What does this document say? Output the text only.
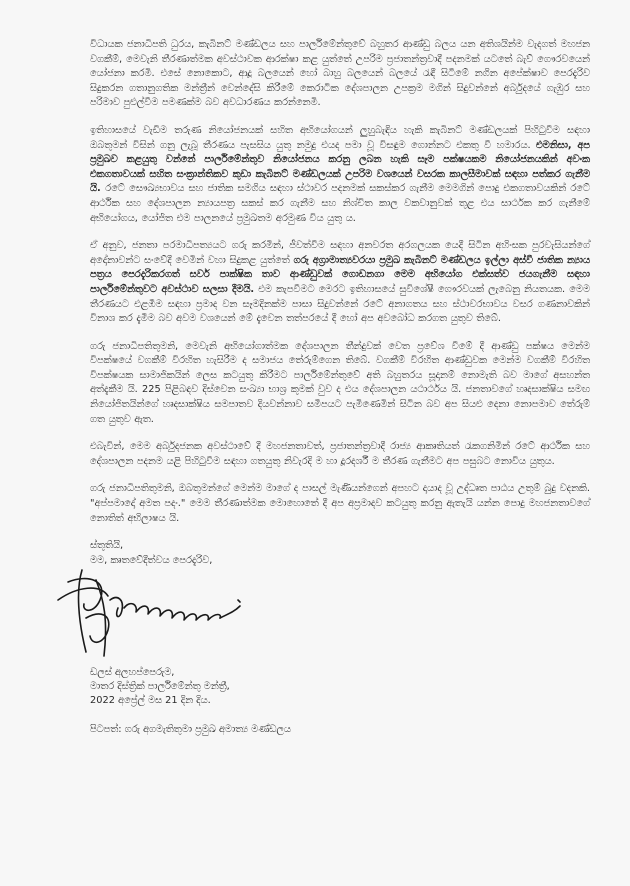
විධායක ජනාධිපති ධුරය, කැබිනට් මණ්ඩලය සහ පාර්ලිමේන්තුවේ බහුතර ආණ්ඩු බලය යන අතිශයින්ම වැදගත් මහජන වගකීම්, මෙවැනි තීරණාත්මක අවස්ථාවක ආරක්ෂා කළ යුත්තේ උපරිම ප්‍රජාතන්ත්‍රවාදී පදනමක් යටතේ බැව් ගෞරවයෙන් යෝජනා කරමි. එසේ නොකොට, ආදූ බලයෙන් හෝ බාහු බලයෙන් බලයේ රැඳී සිටීමේ නගින අපේක්ෂාව පෙරදැරිව සිදුකරන ගතානුගතික මන්ත්‍රීන් වෙන්දේසි කිරීමේ කෙරාටික දේශපාලන උපක්‍රම මගින් සිදුවන්නේ අර්බුදයේ ගැඹුර සහ පරිමාව පුළුල්වීම පමණක්ම බව අවධාරණය කරන්නෙමි.

ඉතිහාසයේ වැඩිම තරුණ නියෝජනයක් සහිත අභියෝගයන් ලුහුබැඳිය හැකි කැබිනට් මණ්ඩලයක් පිහිටුවීම සඳහා ඔබතුමන් විසින් ගනු ලැබූ තීරණය පැසසිය යුතු නමුදු එයද පමා වූ විසඳුම ගොන්නට එකතු වී හමාරය. එමනිසා, අප ප්‍රමුඛව කළයුතු වන්නේ පාර්ලිමේන්තුව නියෝජනය කරනු ලබන හැකි සෑම පක්ෂයකම නියෝජනයකින් අවංක එකගතාවයක් සහිත සංක්‍රාන්තිකව කුඩා කැබිනට් මණ්ඩලයක් උපරිම වශයෙන් වසරක කාලසීමාවක් සඳහා පත්කර ගැනීම යි. රටේ සෞඛ්‍යභාවය සහ ජාතික සමගිය සඳහා ස්ථාවර පදනමක් සකස්කර ගැනීම මෙමගින් පොදු එකගතාවයකින් රටේ ආර්ථික සහ දේශපාලන න්‍යායපත්‍ර සකස් කර ගැනීම සහ නිශ්චිත කාල වකවානුවක් තුළ එය සාර්ථක කර ගැනීමේ අභියෝගය, යෝජිත එම පාලනයේ ප්‍රමුඛතම අරමුණ විය යුතු ය.

ඒ අනුව, ජනතා පරමාධිපත්‍යයට ගරු කරමින්, ජීවත්වීම සඳහා අනවරත අරගලයක යෙදී සිටින අහිංසක පුරවැසියන්ගේ අදෝනාවන්ට සංවේදී වෙමින් වහා සිදුකළ යුත්තේ ගරු අග්‍රාමාත්‍යවරයා ප්‍රමුඛ කැබිනට් මණ්ඩලය ඉල්ලා අස්වී ජාතික න්‍යාය පත්‍රය පෙරදැරිකරගත් සර්ව පාක්ෂික තාව ආණ්ඩුවක් ගොඩනගා මෙම අභියෝග එක්සත්ව ජයගැනීම සඳහා පාර්ලිමේන්තුවට අවස්ථාව සලසා දීමයි. එම කැපවීමට මෙරට ඉතිහාසයේ සුවිශේෂී ගෞරවයක් ලැබෙනු නියතයක. මෙම තීරණයට එළඹීම සඳහා ප්‍රමාද වන සෑමදිනක්ම පාසා සිදුවන්නේ රටේ අනාගතය සහ ස්ථාවරභාවය වසර ගණනාවකින් විනාශ කර දැමීම බව අවම වශයෙන් මේ දැවෙන තත්පරයේ දී හෝ අප අවබෝධ කරගත යුතුව තිබේ.

ගරු ජනාධිපතිතුමනි, මෙවැනි අභියෝගාත්මක දේශපාලන තීන්දුවක් වෙත ප්‍රවේශ වීමේ දී ආණ්ඩු පක්ෂය මෙන්ම විපක්ෂයේ වගකීම් විරහිත හැසිරීම ද සමාජය තේරුම්ගෙන තිබේ. වගකීම් විරහිත ආණ්ඩුවක මෙන්ම වගකීම් විරහිත විපක්ෂයක සාමාජිකයින් ලෙස කටයුතු කිරීමට පාර්ලිමේන්තුවේ අති බහුතරය සූදානම් නොමැති බව මාගේ අසහන්ත අත්දැකීම යි. 225 පිළිබඳව දිස්වෙන සංඛ්‍යා භාශ්‍ර කුමක් වුව ද එය දේශපාලන යථාර්ථය යි. ජනතාවගේ හෘදසාක්ෂිය සමඟ නියෝජිතයින්ගේ හෘදසාක්ෂිය සමපාතව දියවන්නාව සමීපයට පැමිණෙමින් සිටින බව අප සියළු දෙනා නොපමාව තේරුම් ගත යුතුව ඇත.

එබැවින්, මෙම අර්බුදජනක අවස්ථාවේ දී මහජනතාවත්, ප්‍රජාතන්ත්‍රවාදී රාජ්‍ය ආකෘතියත් රැකගනිමින් රටේ ආර්ථික සහ දේශපාලන පදනම යළි පිහිටුවීම සඳහා ගතයුතු නිවැරදි ම හා දූරදර්ශී ම තීරණ ගැනීමට අප පසුබට නොවිය යුතුය.

ගරු ජනාධිපතිතුමනි, ඔබතුමන්ගේ මෙන්ම මාගේ ද පාසල් මැණියන්ගෙන් අපහට දායාද වූ උද්ධෘත පාඨය උතුම් බුදු වදනකි. "අප්පමාදෝ අමත පදං." මෙම තීරණාත්මක මොහොතේ දී අප අප්‍රමාදව කටයුතු කරනු ඇතැයි යන්න පොදු මහජනතාවගේ නොතිත් අභිලාෂය යි.

ස්තුතියි,

මම, කෘතවේදීත්වය පෙරදැරිව,

ඩලස් අලහප්පෙරුම,

මාතර දිස්ත්‍රික් පාර්ලිමේන්තු මන්ත්‍රී,

2022 අප්‍රේල් මස 21 දින දිය.

පිටපත්: ගරු අගමැතිතුමා ප්‍රමුඛ අමාත්‍ය මණ්ඩලය
